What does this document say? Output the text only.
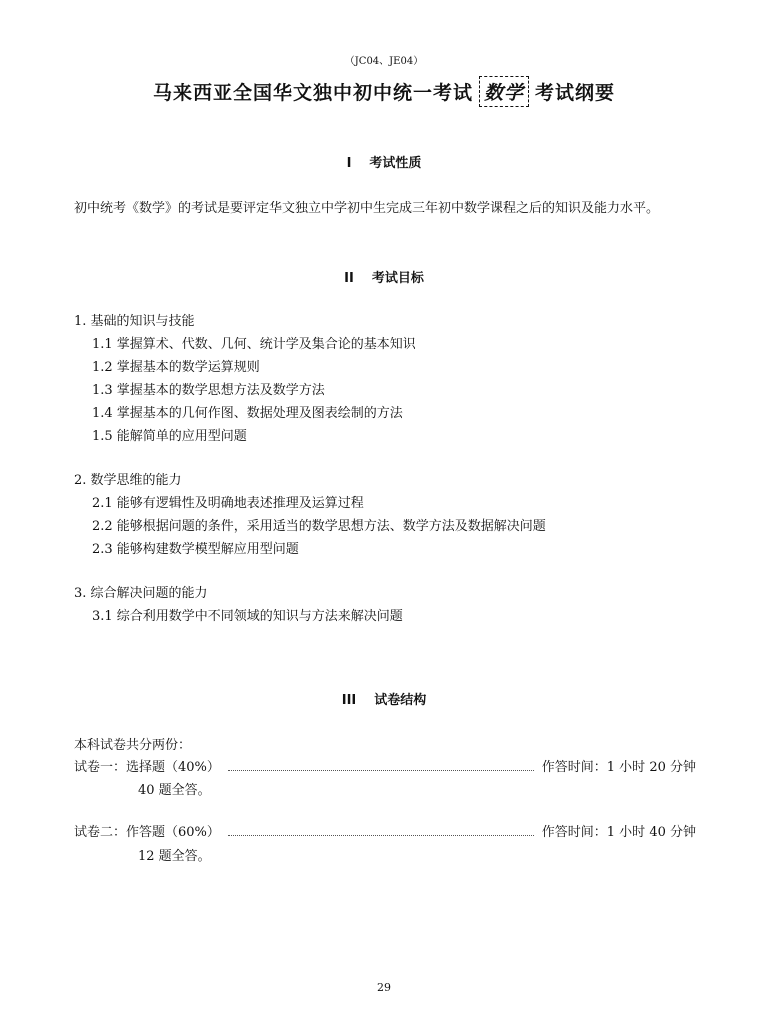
（JC04、JE04）
马来西亚全国华文独中初中统一考试 数学 考试纲要
I 考试性质
初中统考《数学》的考试是要评定华文独立中学初中生完成三年初中数学课程之后的知识及能力水平。
II 考试目标
1. 基础的知识与技能
1.1 掌握算术、代数、几何、统计学及集合论的基本知识
1.2 掌握基本的数学运算规则
1.3 掌握基本的数学思想方法及数学方法
1.4 掌握基本的几何作图、数据处理及图表绘制的方法
1.5 能解简单的应用型问题
2. 数学思维的能力
2.1 能够有逻辑性及明确地表述推理及运算过程
2.2 能够根据问题的条件，采用适当的数学思想方法、数学方法及数据解决问题
2.3 能够构建数学模型解应用型问题
3. 综合解决问题的能力
3.1 综合利用数学中不同领域的知识与方法来解决问题
III 试卷结构
本科试卷共分两份：
试卷一：选择题（40%）	作答时间：1 小时 20 分钟
40 题全答。
试卷二：作答题（60%）	作答时间：1 小时 40 分钟
12 题全答。
29
